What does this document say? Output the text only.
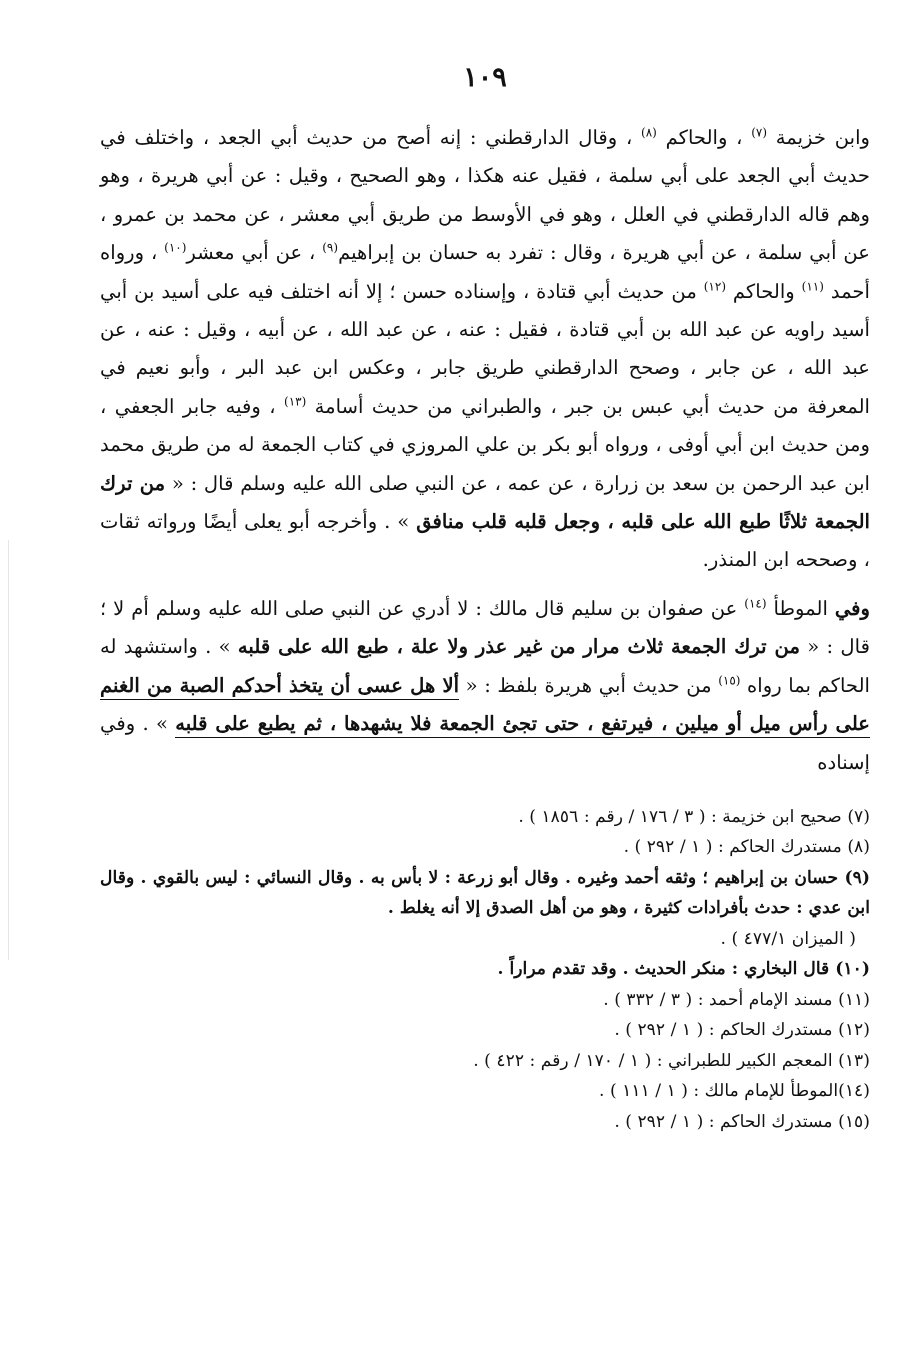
١٠٩

وابن خزيمة $^{(٧)}$ ، والحاكم $^{(٨)}$ ، وقال الدارقطني : إنه أصح من حديث أبي الجعد ، واختلف في حديث أبي الجعد على أبي سلمة ، فقيل عنه هكذا ، وهو الصحيح ، وقيل : عن أبي هريرة ، وهو وهم قاله الدارقطني في العلل ، وهو في الأوسط من طريق أبي معشر ، عن محمد بن عمرو ، عن أبي سلمة ، عن أبي هريرة ، وقال : تفرد به حسان بن إبراهيم$^{(٩)}$ ، عن أبي معشر$^{(١٠)}$ ، ورواه أحمد $^{(١١)}$ والحاكم $^{(١٢)}$ من حديث أبي قتادة ، وإسناده حسن ؛ إلا أنه اختلف فيه على أسيد بن أبي أسيد راويه عن عبد الله بن أبي قتادة ، فقيل : عنه ، عن عبد الله ، عن أبيه ، وقيل : عنه ، عن عبد الله ، عن جابر ، وصحح الدارقطني طريق جابر ، وعكس ابن عبد البر ، وأبو نعيم في المعرفة من حديث أبي عبس بن جبر ، والطبراني من حديث أسامة $^{(١٣)}$ ، وفيه جابر الجعفي ، ومن حديث ابن أبي أوفى ، ورواه أبو بكر بن علي المروزي في كتاب الجمعة له من طريق محمد ابن عبد الرحمن بن سعد بن زرارة ، عن عمه ، عن النبي صلى الله عليه وسلم قال : « من ترك الجمعة ثلاثًا طبع الله على قلبه ، وجعل قلبه قلب منافق » . وأخرجه أبو يعلى أيضًا ورواته ثقات ، وصححه ابن المنذر.

وفي الموطأ $^{(١٤)}$ عن صفوان بن سليم قال مالك : لا أدري عن النبي صلى الله عليه وسلم أم لا ؛ قال : « من ترك الجمعة ثلاث مرار من غير عذر ولا علة ، طبع الله على قلبه » . واستشهد له الحاكم بما رواه $^{(١٥)}$ من حديث أبي هريرة بلفظ : « ألا هل عسى أن يتخذ أحدكم الصبة من الغنم على رأس ميل أو ميلين ، فيرتفع ، حتى تجئ الجمعة فلا يشهدها ، ثم يطبع على قلبه » . وفي إسناده

(٧) صحيح ابن خزيمة : ( ٣ / ١٧٦ / رقم : ١٨٥٦ ) .

(٨) مستدرك الحاكم : ( ١ / ٢٩٢ ) .

(٩) حسان بن إبراهيم ؛ وثقه أحمد وغيره . وقال أبو زرعة : لا بأس به . وقال النسائي : ليس بالقوي . وقال ابن عدي : حدث بأفرادات كثيرة ، وهو من أهل الصدق إلا أنه يغلط .

( الميزان ٤٧٧/١ ) .

(١٠) قال البخاري : منكر الحديث . وقد تقدم مراراً .

(١١) مسند الإمام أحمد : ( ٣ / ٣٣٢ ) .

(١٢) مستدرك الحاكم : ( ١ / ٢٩٢ ) .

(١٣) المعجم الكبير للطبراني : ( ١ / ١٧٠ / رقم : ٤٢٢ ) .

(١٤)الموطأ للإمام مالك : ( ١ / ١١١ ) .

(١٥) مستدرك الحاكم : ( ١ / ٢٩٢ ) .
